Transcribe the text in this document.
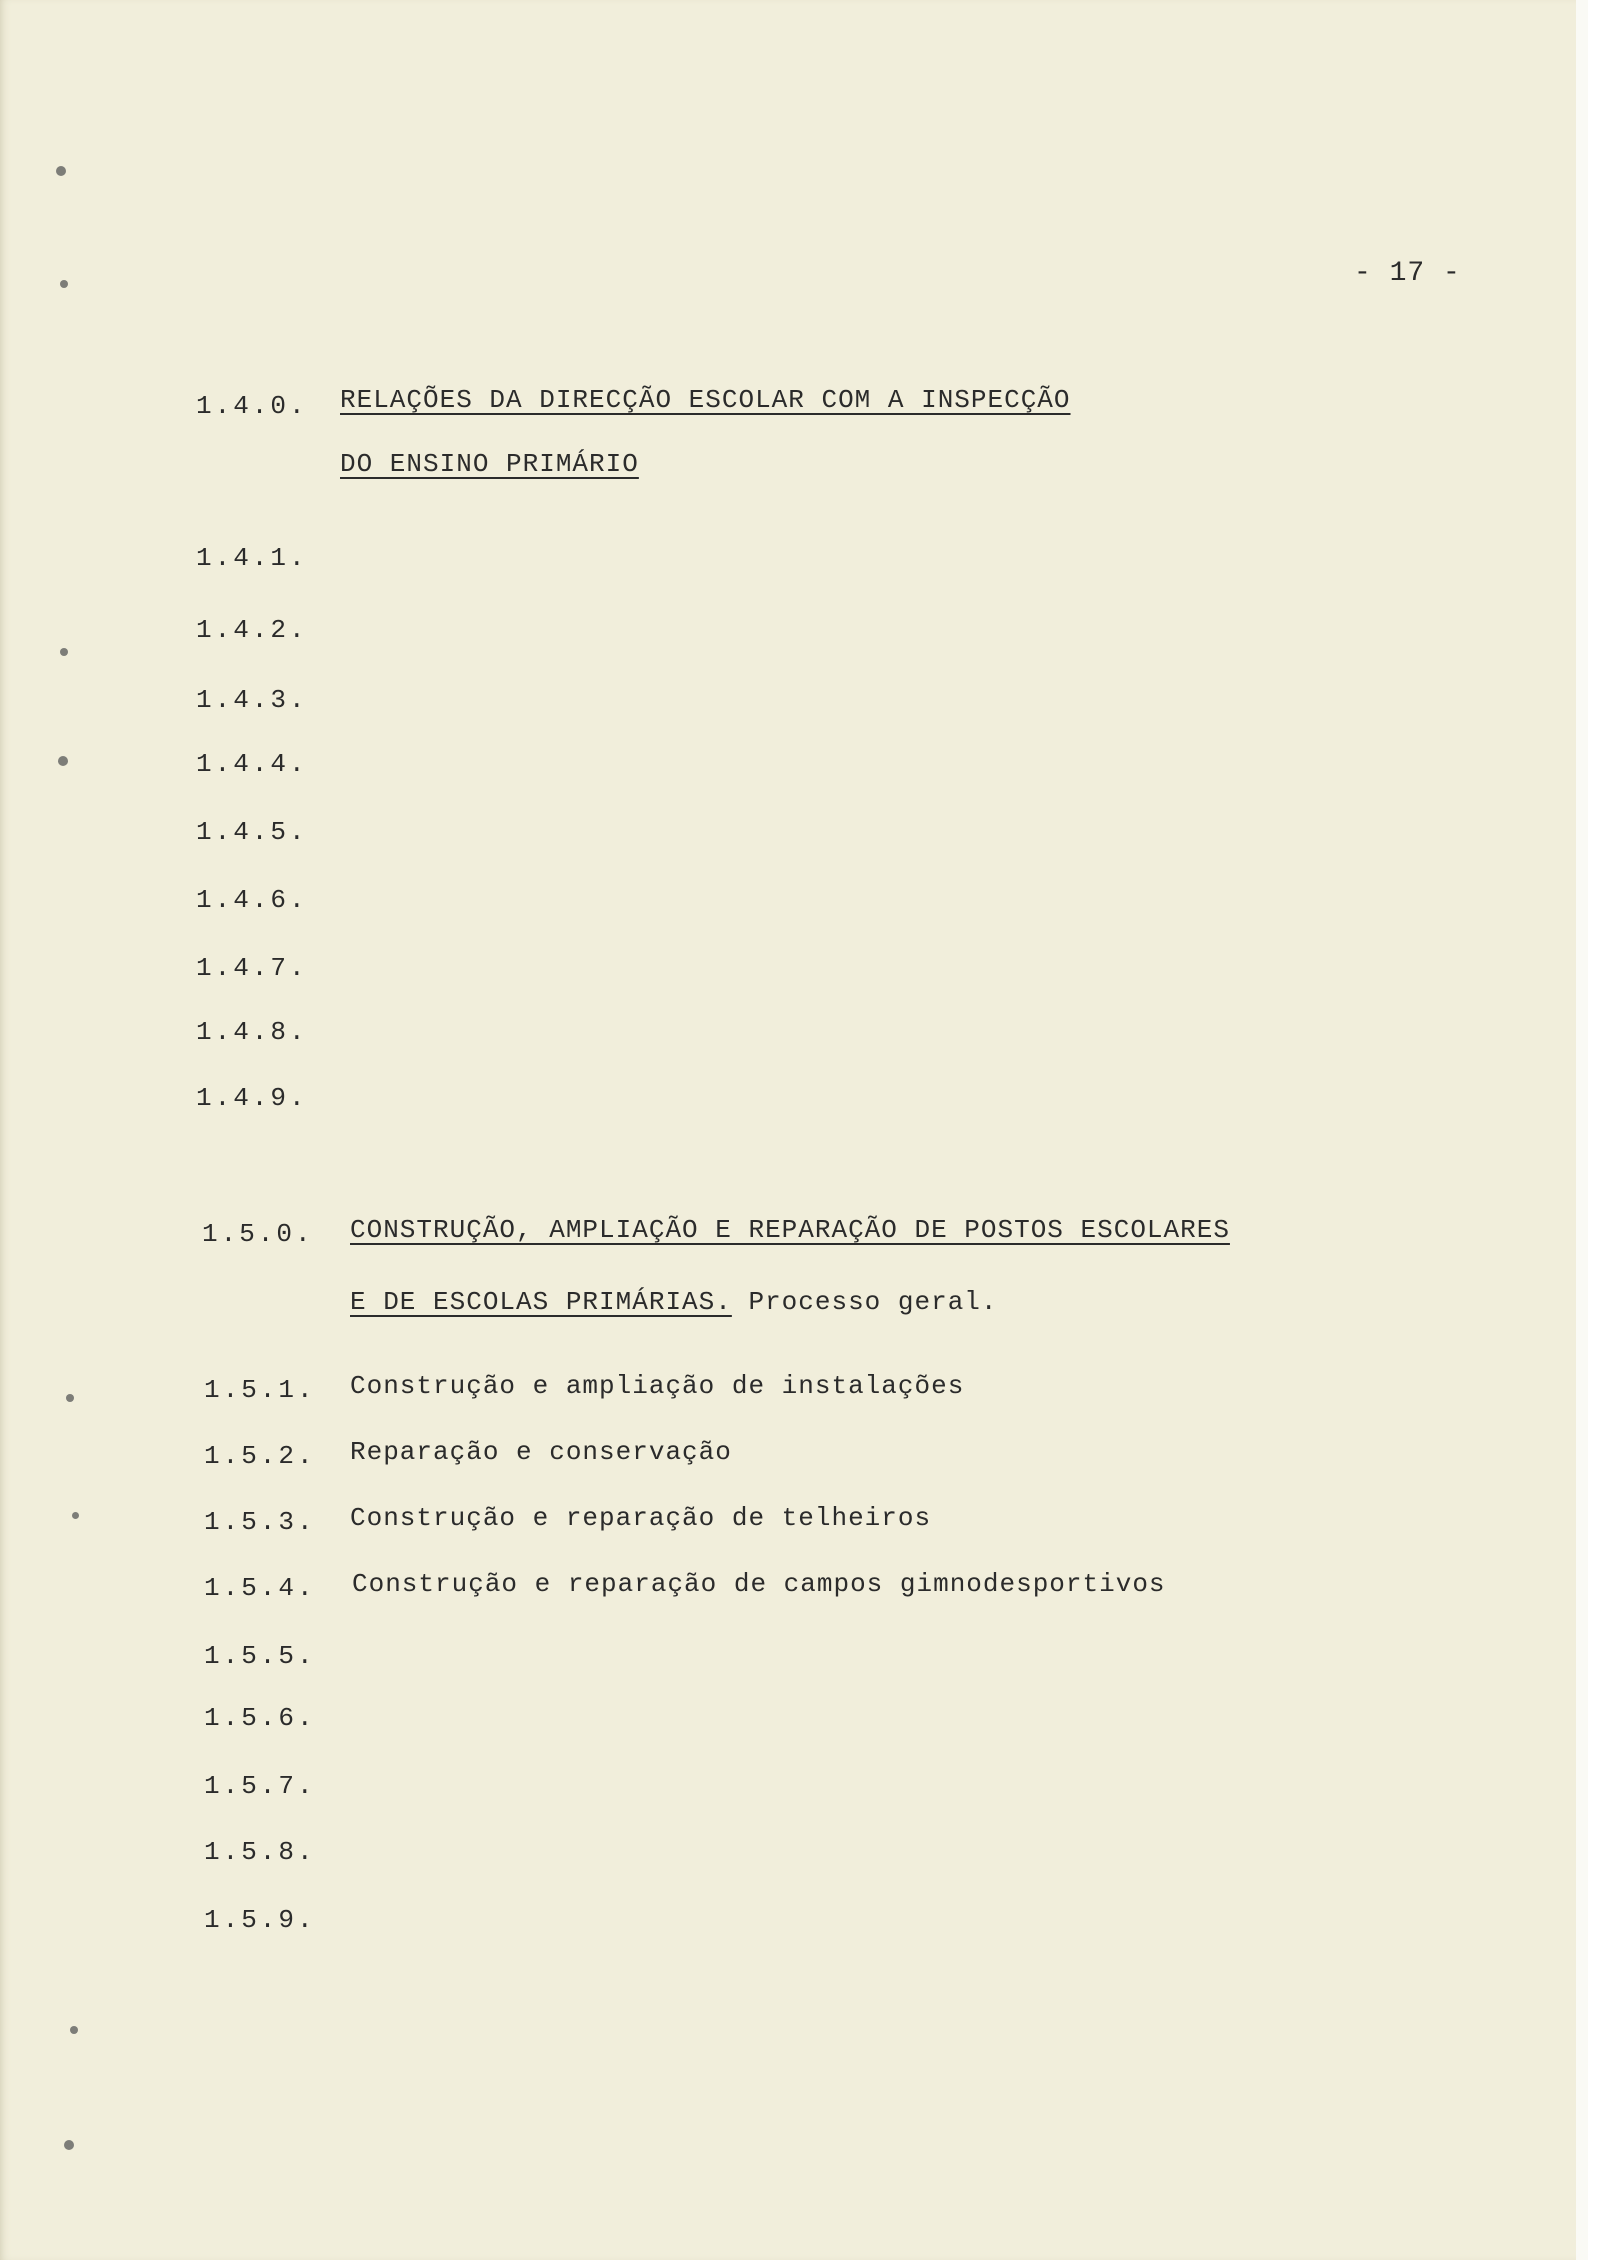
- 17 -
1.4.0. RELAÇÕES DA DIRECÇÃO ESCOLAR COM A INSPECÇÃO
DO ENSINO PRIMÁRIO
1.4.1.
1.4.2.
1.4.3.
1.4.4.
1.4.5.
1.4.6.
1.4.7.
1.4.8.
1.4.9.
1.5.0. CONSTRUÇÃO, AMPLIAÇÃO E REPARAÇÃO DE POSTOS ESCOLARES
E DE ESCOLAS PRIMÁRIAS. Processo geral.
1.5.1. Construção e ampliação de instalações
1.5.2. Reparação e conservação
1.5.3. Construção e reparação de telheiros
1.5.4. Construção e reparação de campos gimnodesportivos
1.5.5.
1.5.6.
1.5.7.
1.5.8.
1.5.9.
